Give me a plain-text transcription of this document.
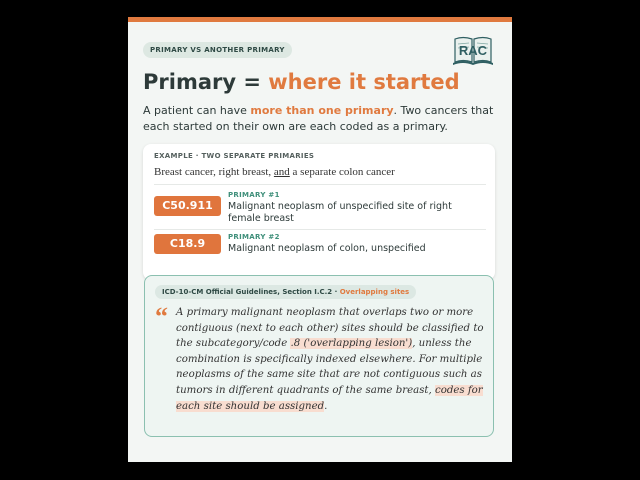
PRIMARY VS ANOTHER PRIMARY	RAC
Primary = where it started
A patient can have more than one primary. Two cancers that each started on their own are each coded as a primary.
EXAMPLE · TWO SEPARATE PRIMARIES
Breast cancer, right breast, and a separate colon cancer
C50.911
PRIMARY #1
Malignant neoplasm of unspecified site of right female breast
C18.9	PRIMARY #2
Malignant neoplasm of colon, unspecified
ICD-10-CM Official Guidelines, Section I.C.2 · Overlapping sites
“ A primary malignant neoplasm that overlaps two or more contiguous (next to each other) sites should be classified to the subcategory/code .8 ('overlapping lesion'), unless the combination is specifically indexed elsewhere. For multiple neoplasms of the same site that are not contiguous such as tumors in different quadrants of the same breast, codes for each site should be assigned.
